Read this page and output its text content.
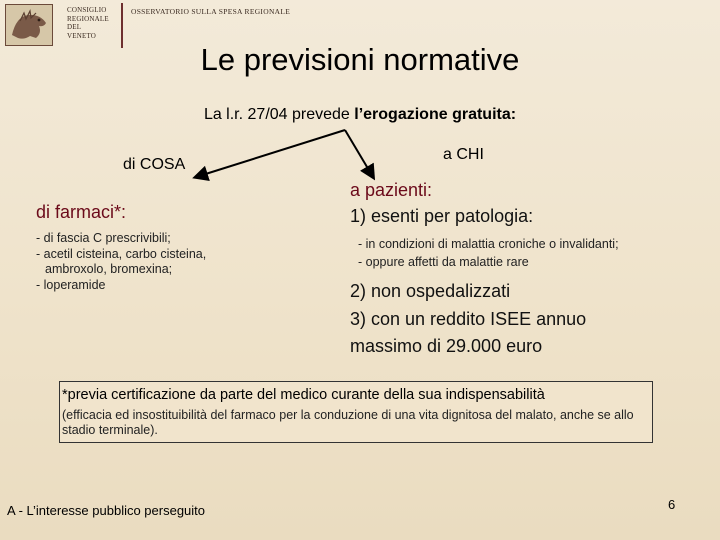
CONSIGLIO
REGIONALE
DEL
VENETO
OSSERVATORIO SULLA SPESA REGIONALE
Le previsioni normative
La l.r. 27/04 prevede l’erogazione gratuita:
di COSA
a CHI
di farmaci*:
- di fascia C prescrivibili;
- acetil cisteina, carbo cisteina,
ambroxolo, bromexina;
- loperamide
a pazienti:
1) esenti per patologia:
- in condizioni di malattia croniche o invalidanti;
- oppure affetti da malattie rare
2) non ospedalizzati
3) con un reddito ISEE annuo
massimo di 29.000 euro
*previa certificazione da parte del medico curante della sua indispensabilità
(efficacia ed insostituibilità del farmaco per la conduzione di una vita dignitosa del malato, anche se allo stadio terminale).
A - L’interesse pubblico perseguito	6
